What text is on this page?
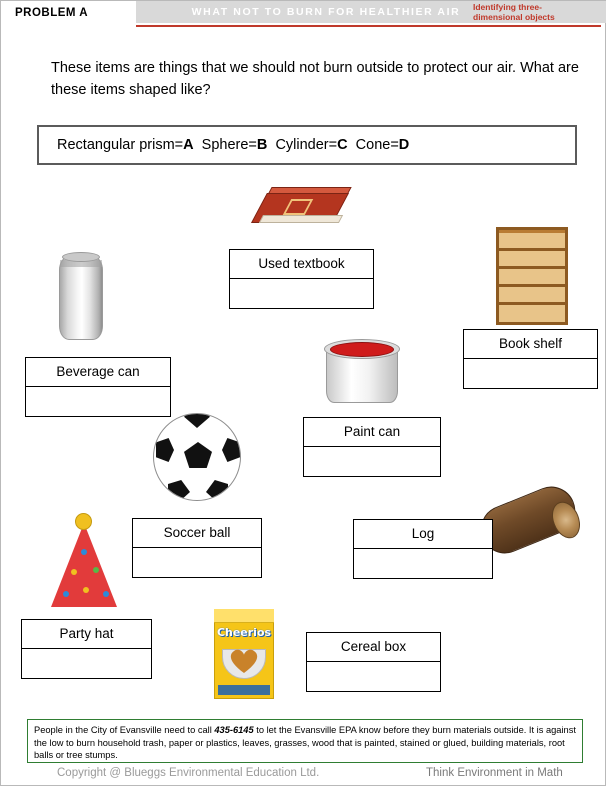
PROBLEM A	WHAT NOT TO BURN FOR HEALTHIER AIR	Identifying three-
dimensional objects
These items are things that we should not burn outside to protect our air. What are these items shaped like?
Rectangular prism=A Sphere=B Cylinder=C Cone=D
Cheerios
Used textbook
Book shelf
Beverage can
Paint can
Soccer ball	Log
Party hat
Cereal box
People in the City of Evansville need to call 435-6145 to let the Evansville EPA know before they burn materials outside. It is against the low to burn household trash, paper or plastics, leaves, grasses, wood that is painted, stained or glued, building materials, root balls or tree stumps.
Copyright @ Blueggs Environmental Education Ltd.	Think Environment in Math
